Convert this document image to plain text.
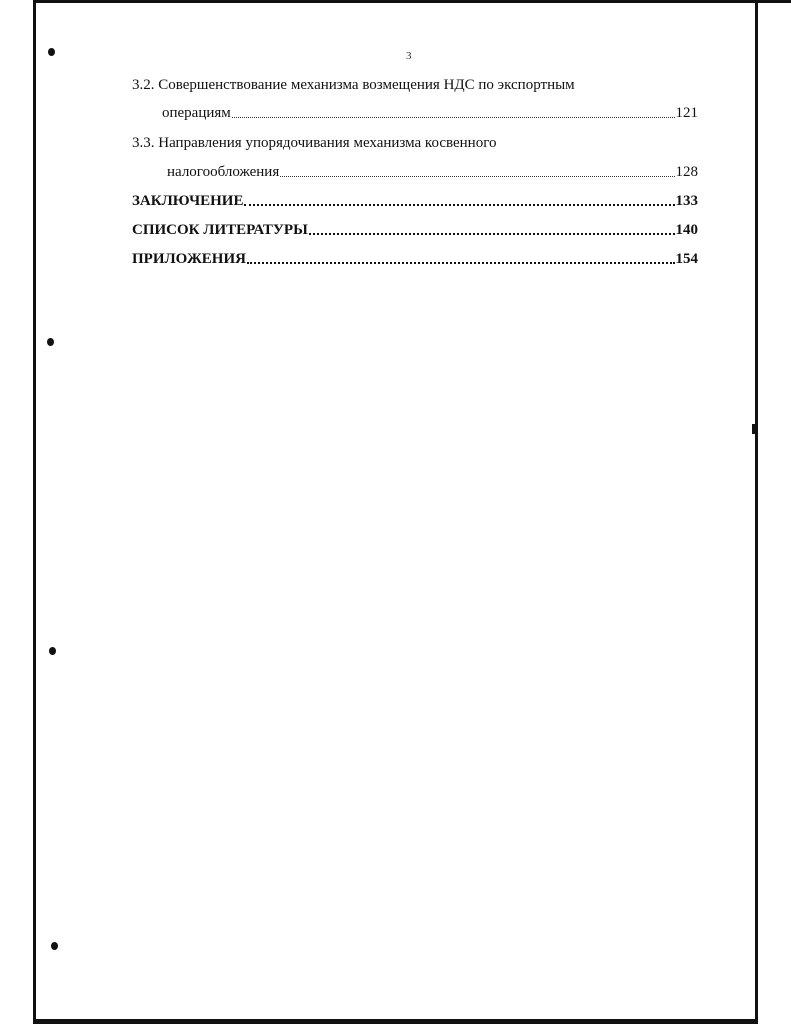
3
3.2. Совершенствование механизма возмещения НДС по экспортным
операциям	121
3.3. Направления упорядочивания механизма косвенного
налогообложения	128
ЗАКЛЮЧЕНИЕ	133
СПИСОК ЛИТЕРАТУРЫ	140
ПРИЛОЖЕНИЯ	154
